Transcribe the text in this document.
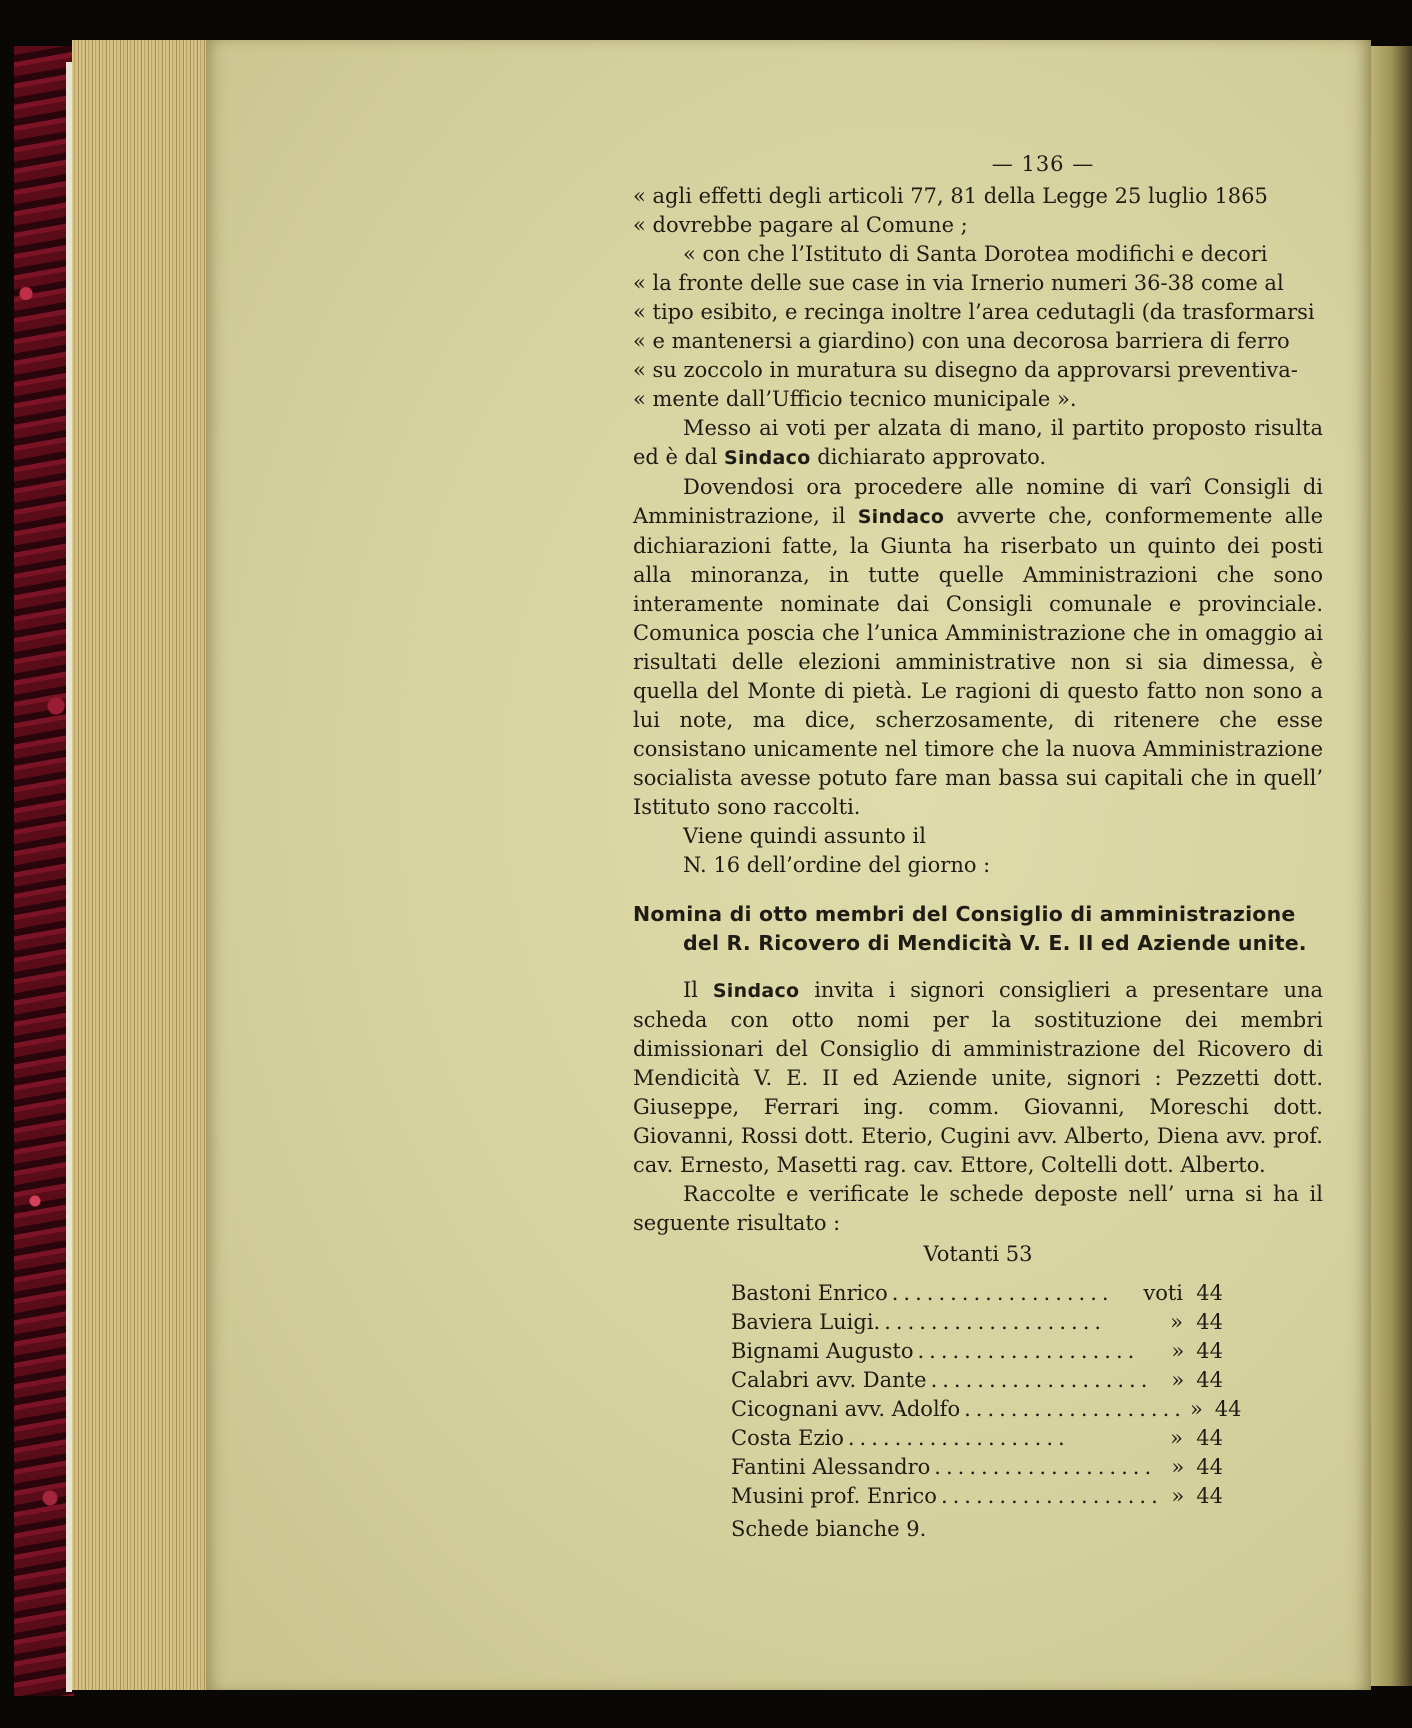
— 136 —

« agli effetti degli articoli 77, 81 della Legge 25 luglio 1865
« dovrebbe pagare al Comune ;
« con che l’Istituto di Santa Dorotea modifichi e decori
« la fronte delle sue case in via Irnerio numeri 36-38 come al
« tipo esibito, e recinga inoltre l’area cedutagli (da trasformarsi
« e mantenersi a giardino) con una decorosa barriera di ferro
« su zoccolo in muratura su disegno da approvarsi preventiva-
« mente dall’Ufficio tecnico municipale ».

Messo ai voti per alzata di mano, il partito proposto risulta ed è dal Sindaco dichiarato approvato.

Dovendosi ora procedere alle nomine di varî Consigli di Amministrazione, il Sindaco avverte che, conformemente alle dichiarazioni fatte, la Giunta ha riserbato un quinto dei posti alla minoranza, in tutte quelle Amministrazioni che sono interamente nominate dai Consigli comunale e provinciale. Comunica poscia che l’unica Amministrazione che in omaggio ai risultati delle elezioni amministrative non si sia dimessa, è quella del Monte di pietà. Le ragioni di questo fatto non sono a lui note, ma dice, scherzosamente, di ritenere che esse consistano unicamente nel timore che la nuova Amministrazione socialista avesse potuto fare man bassa sui capitali che in quell’ Istituto sono raccolti.

Viene quindi assunto il

N. 16 dell’ordine del giorno :

Nomina di otto membri del Consiglio di amministrazione
del R. Ricovero di Mendicità V. E. II ed Aziende unite.

Il Sindaco invita i signori consiglieri a presentare una scheda con otto nomi per la sostituzione dei membri dimissionari del Consiglio di amministrazione del Ricovero di Mendicità V. E. II ed Aziende unite, signori : Pezzetti dott. Giuseppe, Ferrari ing. comm. Giovanni, Moreschi dott. Giovanni, Rossi dott. Eterio, Cugini avv. Alberto, Diena avv. prof. cav. Ernesto, Masetti rag. cav. Ettore, Coltelli dott. Alberto.

Raccolte e verificate le schede deposte nell’ urna si ha il seguente risultato :

Votanti 53
Bastoni Enrico ...................	voti 44
Baviera Luigi. ...................	» 44
Bignami Augusto ...................	» 44
Calabri avv. Dante ................... » 44
Cicognani avv. Adolfo ................... » 44
Costa Ezio ...................	» 44
Fantini Alessandro ................... » 44
Musini prof. Enrico ................... » 44
Schede bianche 9.
